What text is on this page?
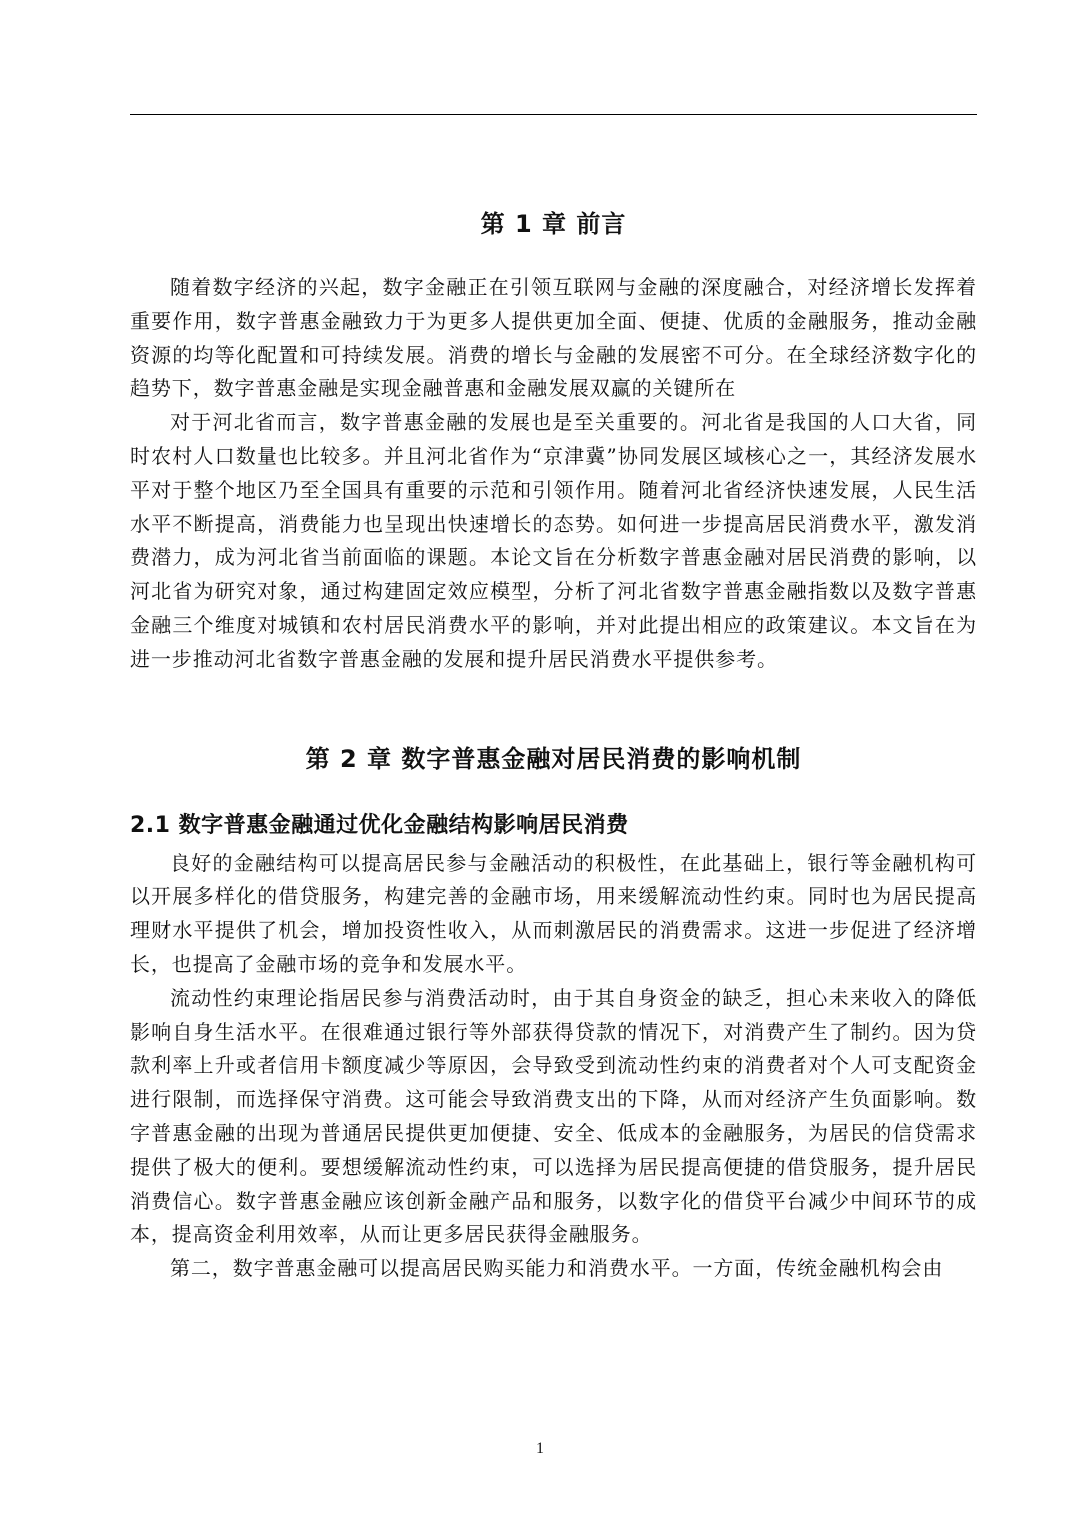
第 1 章 前言

随着数字经济的兴起，数字金融正在引领互联网与金融的深度融合，对经济增长发挥着重要作用，数字普惠金融致力于为更多人提供更加全面、便捷、优质的金融服务，推动金融资源的均等化配置和可持续发展。消费的增长与金融的发展密不可分。在全球经济数字化的趋势下，数字普惠金融是实现金融普惠和金融发展双赢的关键所在

对于河北省而言，数字普惠金融的发展也是至关重要的。河北省是我国的人口大省，同时农村人口数量也比较多。并且河北省作为“京津冀”协同发展区域核心之一，其经济发展水平对于整个地区乃至全国具有重要的示范和引领作用。随着河北省经济快速发展，人民生活水平不断提高，消费能力也呈现出快速增长的态势。如何进一步提高居民消费水平，激发消费潜力，成为河北省当前面临的课题。本论文旨在分析数字普惠金融对居民消费的影响，以河北省为研究对象，通过构建固定效应模型，分析了河北省数字普惠金融指数以及数字普惠金融三个维度对城镇和农村居民消费水平的影响，并对此提出相应的政策建议。本文旨在为进一步推动河北省数字普惠金融的发展和提升居民消费水平提供参考。

第 2 章 数字普惠金融对居民消费的影响机制
2.1 数字普惠金融通过优化金融结构影响居民消费

良好的金融结构可以提高居民参与金融活动的积极性，在此基础上，银行等金融机构可以开展多样化的借贷服务，构建完善的金融市场，用来缓解流动性约束。同时也为居民提高理财水平提供了机会，增加投资性收入，从而刺激居民的消费需求。这进一步促进了经济增长，也提高了金融市场的竞争和发展水平。

流动性约束理论指居民参与消费活动时，由于其自身资金的缺乏，担心未来收入的降低影响自身生活水平。在很难通过银行等外部获得贷款的情况下，对消费产生了制约。因为贷款利率上升或者信用卡额度减少等原因，会导致受到流动性约束的消费者对个人可支配资金进行限制，而选择保守消费。这可能会导致消费支出的下降，从而对经济产生负面影响。数字普惠金融的出现为普通居民提供更加便捷、安全、低成本的金融服务，为居民的信贷需求提供了极大的便利。要想缓解流动性约束，可以选择为居民提高便捷的借贷服务，提升居民消费信心。数字普惠金融应该创新金融产品和服务，以数字化的借贷平台减少中间环节的成本，提高资金利用效率，从而让更多居民获得金融服务。

第二，数字普惠金融可以提高居民购买能力和消费水平。一方面，传统金融机构会由

1
